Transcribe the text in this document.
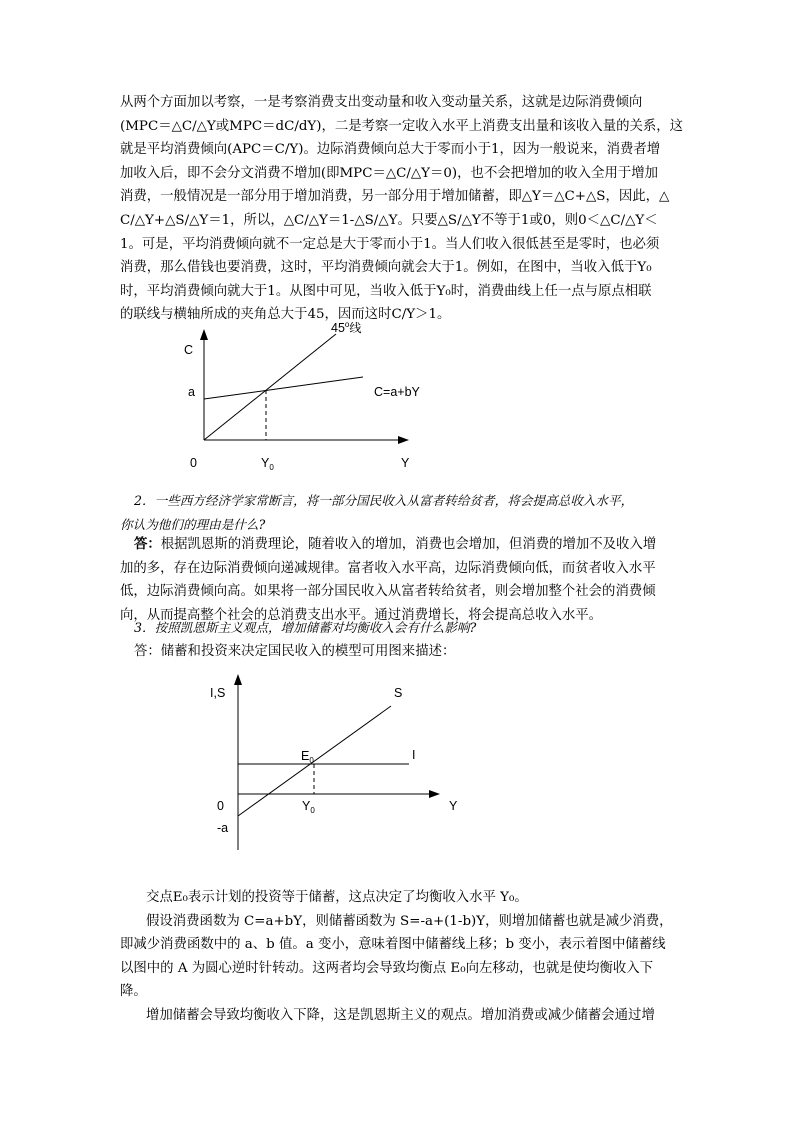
从两个方面加以考察，一是考察消费支出变动量和收入变动量关系，这就是边际消费倾向
(MPC＝△C/△Y或MPC＝dC/dY)，二是考察一定收入水平上消费支出量和该收入量的关系，这
就是平均消费倾向(APC＝C/Y)。边际消费倾向总大于零而小于1，因为一般说来，消费者增
加收入后，即不会分文消费不增加(即MPC＝△C/△Y＝0)，也不会把增加的收入全用于增加
消费，一般情况是一部分用于增加消费，另一部分用于增加储蓄，即△Y＝△C+△S，因此，△
C/△Y+△S/△Y＝1，所以，△C/△Y＝1-△S/△Y。只要△S/△Y不等于1或0，则0＜△C/△Y＜
1。可是，平均消费倾向就不一定总是大于零而小于1。当人们收入很低甚至是零时，也必须
消费，那么借钱也要消费，这时，平均消费倾向就会大于1。例如，在图中，当收入低于Y₀
时，平均消费倾向就大于1。从图中可见，当收入低于Y₀时，消费曲线上任一点与原点相联
的联线与横轴所成的夹角总大于45，因而这时C/Y＞1。
45$^o$线
C
a	C=a+bY
0	$Y_0$	Y
2．一些西方经济学家常断言，将一部分国民收入从富者转给贫者，将会提高总收入水平，
你认为他们的理由是什么?
答：根据凯恩斯的消费理论，随着收入的增加，消费也会增加，但消费的增加不及收入增
加的多，存在边际消费倾向递减规律。富者收入水平高，边际消费倾向低，而贫者收入水平
低，边际消费倾向高。如果将一部分国民收入从富者转给贫者，则会增加整个社会的消费倾
向，从而提高整个社会的总消费支出水平。通过消费增长，将会提高总收入水平。
3．按照凯恩斯主义观点，增加储蓄对均衡收入会有什么影响?
答：储蓄和投资来决定国民收入的模型可用图来描述：
I,S	S
$E_0$	I
0	$Y_0$	Y
-a
交点E₀表示计划的投资等于储蓄，这点决定了均衡收入水平 Y₀。
假设消费函数为 C=a+bY，则储蓄函数为 S=-a+(1-b)Y，则增加储蓄也就是减少消费，
即减少消费函数中的 a、b 值。a 变小，意味着图中储蓄线上移；b 变小，表示着图中储蓄线
以图中的 A 为圆心逆时针转动。这两者均会导致均衡点 E₀向左移动，也就是使均衡收入下
降。
增加储蓄会导致均衡收入下降，这是凯恩斯主义的观点。增加消费或减少储蓄会通过增
